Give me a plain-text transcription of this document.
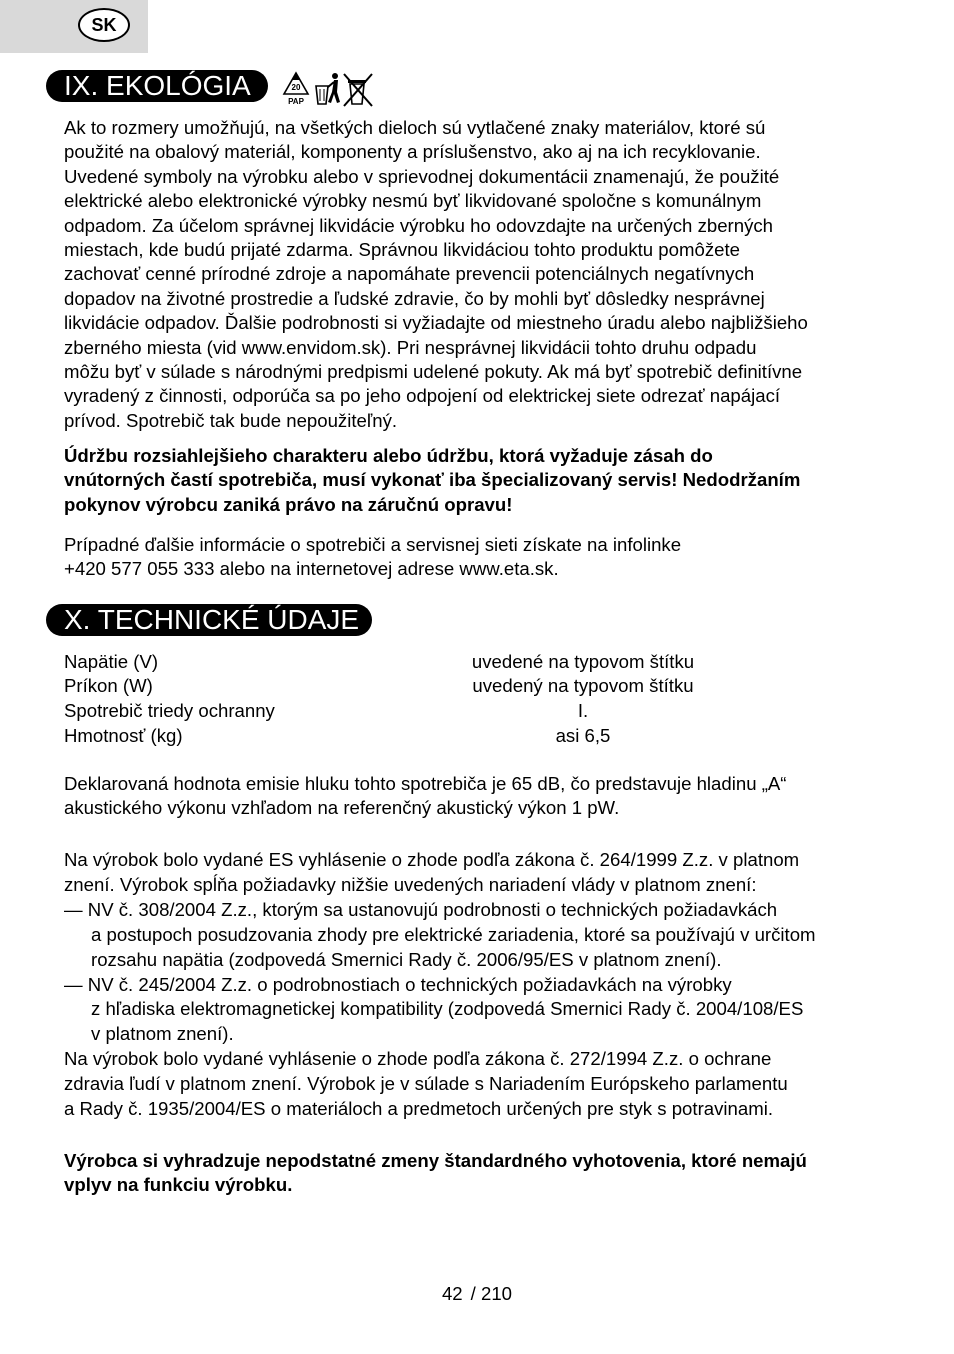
SK
IX. EKOLÓGIA	20
PAP
Ak to rozmery umožňujú, na všetkých dieloch sú vytlačené znaky materiálov, ktoré sú
použité na obalový materiál, komponenty a príslušenstvo, ako aj na ich recyklovanie.
Uvedené symboly na výrobku alebo v sprievodnej dokumentácii znamenajú, že použité
elektrické alebo elektronické výrobky nesmú byť likvidované spoločne s komunálnym
odpadom. Za účelom správnej likvidácie výrobku ho odovzdajte na určených zberných
miestach, kde budú prijaté zdarma. Správnou likvidáciou tohto produktu pomôžete
zachovať cenné prírodné zdroje a napomáhate prevencii potenciálnych negatívnych
dopadov na životné prostredie a ľudské zdravie, čo by mohli byť dôsledky nesprávnej
likvidácie odpadov. Ďalšie podrobnosti si vyžiadajte od miestneho úradu alebo najbližšieho
zberného miesta (vid www.envidom.sk). Pri nesprávnej likvidácii tohto druhu odpadu
môžu byť v súlade s národnými predpismi udelené pokuty. Ak má byť spotrebič definitívne
vyradený z činnosti, odporúča sa po jeho odpojení od elektrickej siete odrezať napájací
prívod. Spotrebič tak bude nepoužiteľný.
Údržbu rozsiahlejšieho charakteru alebo údržbu, ktorá vyžaduje zásah do
vnútorných častí spotrebiča, musí vykonať iba špecializovaný servis! Nedodržaním
pokynov výrobcu zaniká právo na záručnú opravu!
Prípadné ďalšie informácie o spotrebiči a servisnej sieti získate na infolinke
+420 577 055 333 alebo na internetovej adrese www.eta.sk.
X. TECHNICKÉ ÚDAJE
Napätie (V)	uvedené na typovom štítku
Príkon (W)	uvedený na typovom štítku
Spotrebič triedy ochranny	I.
Hmotnosť (kg)	asi 6,5
Deklarovaná hodnota emisie hluku tohto spotrebiča je 65 dB, čo predstavuje hladinu „A“
akustického výkonu vzhľadom na referenčný akustický výkon 1 pW.
Na výrobok bolo vydané ES vyhlásenie o zhode podľa zákona č. 264/1999 Z.z. v platnom
znení. Výrobok spĺňa požiadavky nižšie uvedených nariadení vlády v platnom znení:
— NV č. 308/2004 Z.z., ktorým sa ustanovujú podrobnosti o technických požiadavkách
a postupoch posudzovania zhody pre elektrické zariadenia, ktoré sa používajú v určitom
rozsahu napätia (zodpovedá Smernici Rady č. 2006/95/ES v platnom znení).
— NV č. 245/2004 Z.z. o podrobnostiach o technických požiadavkách na výrobky
z hľadiska elektromagnetickej kompatibility (zodpovedá Smernici Rady č. 2004/108/ES
v platnom znení).
Na výrobok bolo vydané vyhlásenie o zhode podľa zákona č. 272/1994 Z.z. o ochrane
zdravia ľudí v platnom znení. Výrobok je v súlade s Nariadením Európskeho parlamentu
a Rady č. 1935/2004/ES o materiáloch a predmetoch určených pre styk s potravinami.
Výrobca si vyhradzuje nepodstatné zmeny štandardného vyhotovenia, ktoré nemajú
vplyv na funkciu výrobku.
42 / 210
